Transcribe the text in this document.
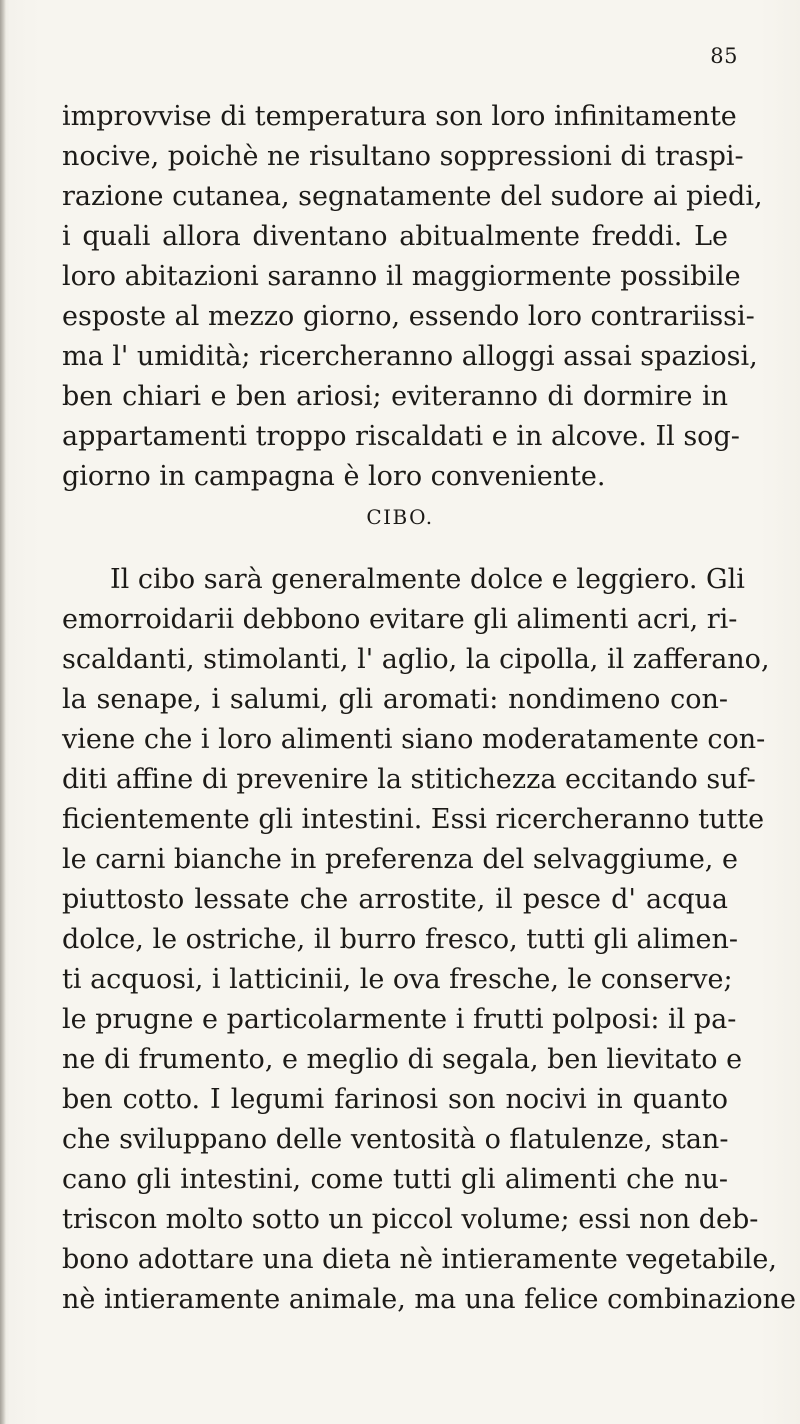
85

improvvise di temperatura son loro infinitamente

nocive, poichè ne risultano soppressioni di traspi-

razione cutanea, segnatamente del sudore ai piedi,

i quali allora diventano abitualmente freddi. Le

loro abitazioni saranno il maggiormente possibile

esposte al mezzo giorno, essendo loro contrariissi-

ma l' umidità; ricercheranno alloggi assai spaziosi,

ben chiari e ben ariosi; eviteranno di dormire in

appartamenti troppo riscaldati e in alcove. Il sog-

giorno in campagna è loro conveniente.

CIBO.

Il cibo sarà generalmente dolce e leggiero. Gli

emorroidarii debbono evitare gli alimenti acri, ri-

scaldanti, stimolanti, l' aglio, la cipolla, il zafferano,

la senape, i salumi, gli aromati: nondimeno con-

viene che i loro alimenti siano moderatamente con-

diti affine di prevenire la stitichezza eccitando suf-

ficientemente gli intestini. Essi ricercheranno tutte

le carni bianche in preferenza del selvaggiume, e

piuttosto lessate che arrostite, il pesce d' acqua

dolce, le ostriche, il burro fresco, tutti gli alimen-

ti acquosi, i latticinii, le ova fresche, le conserve;

le prugne e particolarmente i frutti polposi: il pa-

ne di frumento, e meglio di segala, ben lievitato e

ben cotto. I legumi farinosi son nocivi in quanto

che sviluppano delle ventosità o flatulenze, stan-

cano gli intestini, come tutti gli alimenti che nu-

triscon molto sotto un piccol volume; essi non deb-

bono adottare una dieta nè intieramente vegetabile,

nè intieramente animale, ma una felice combinazione
